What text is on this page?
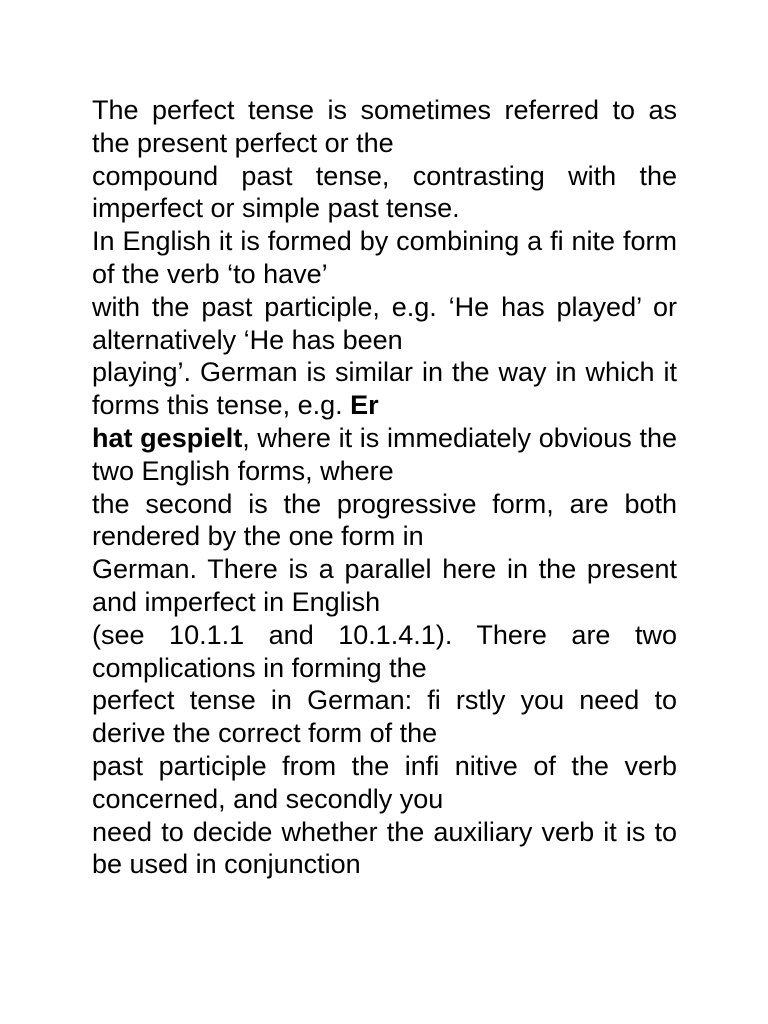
The perfect tense is sometimes referred to as the present perfect or the

compound past tense, contrasting with the imperfect or simple past tense.

In English it is formed by combining a fi nite form of the verb ‘to have’

with the past participle, e.g. ‘He has played’ or alternatively ‘He has been

playing’. German is similar in the way in which it forms this tense, e.g. Er

hat gespielt, where it is immediately obvious the two English forms, where

the second is the progressive form, are both rendered by the one form in

German. There is a parallel here in the present and imperfect in English

(see 10.1.1 and 10.1.4.1). There are two complications in forming the

perfect tense in German: fi rstly you need to derive the correct form of the

past participle from the infi nitive of the verb concerned, and secondly you

need to decide whether the auxiliary verb it is to be used in conjunction
